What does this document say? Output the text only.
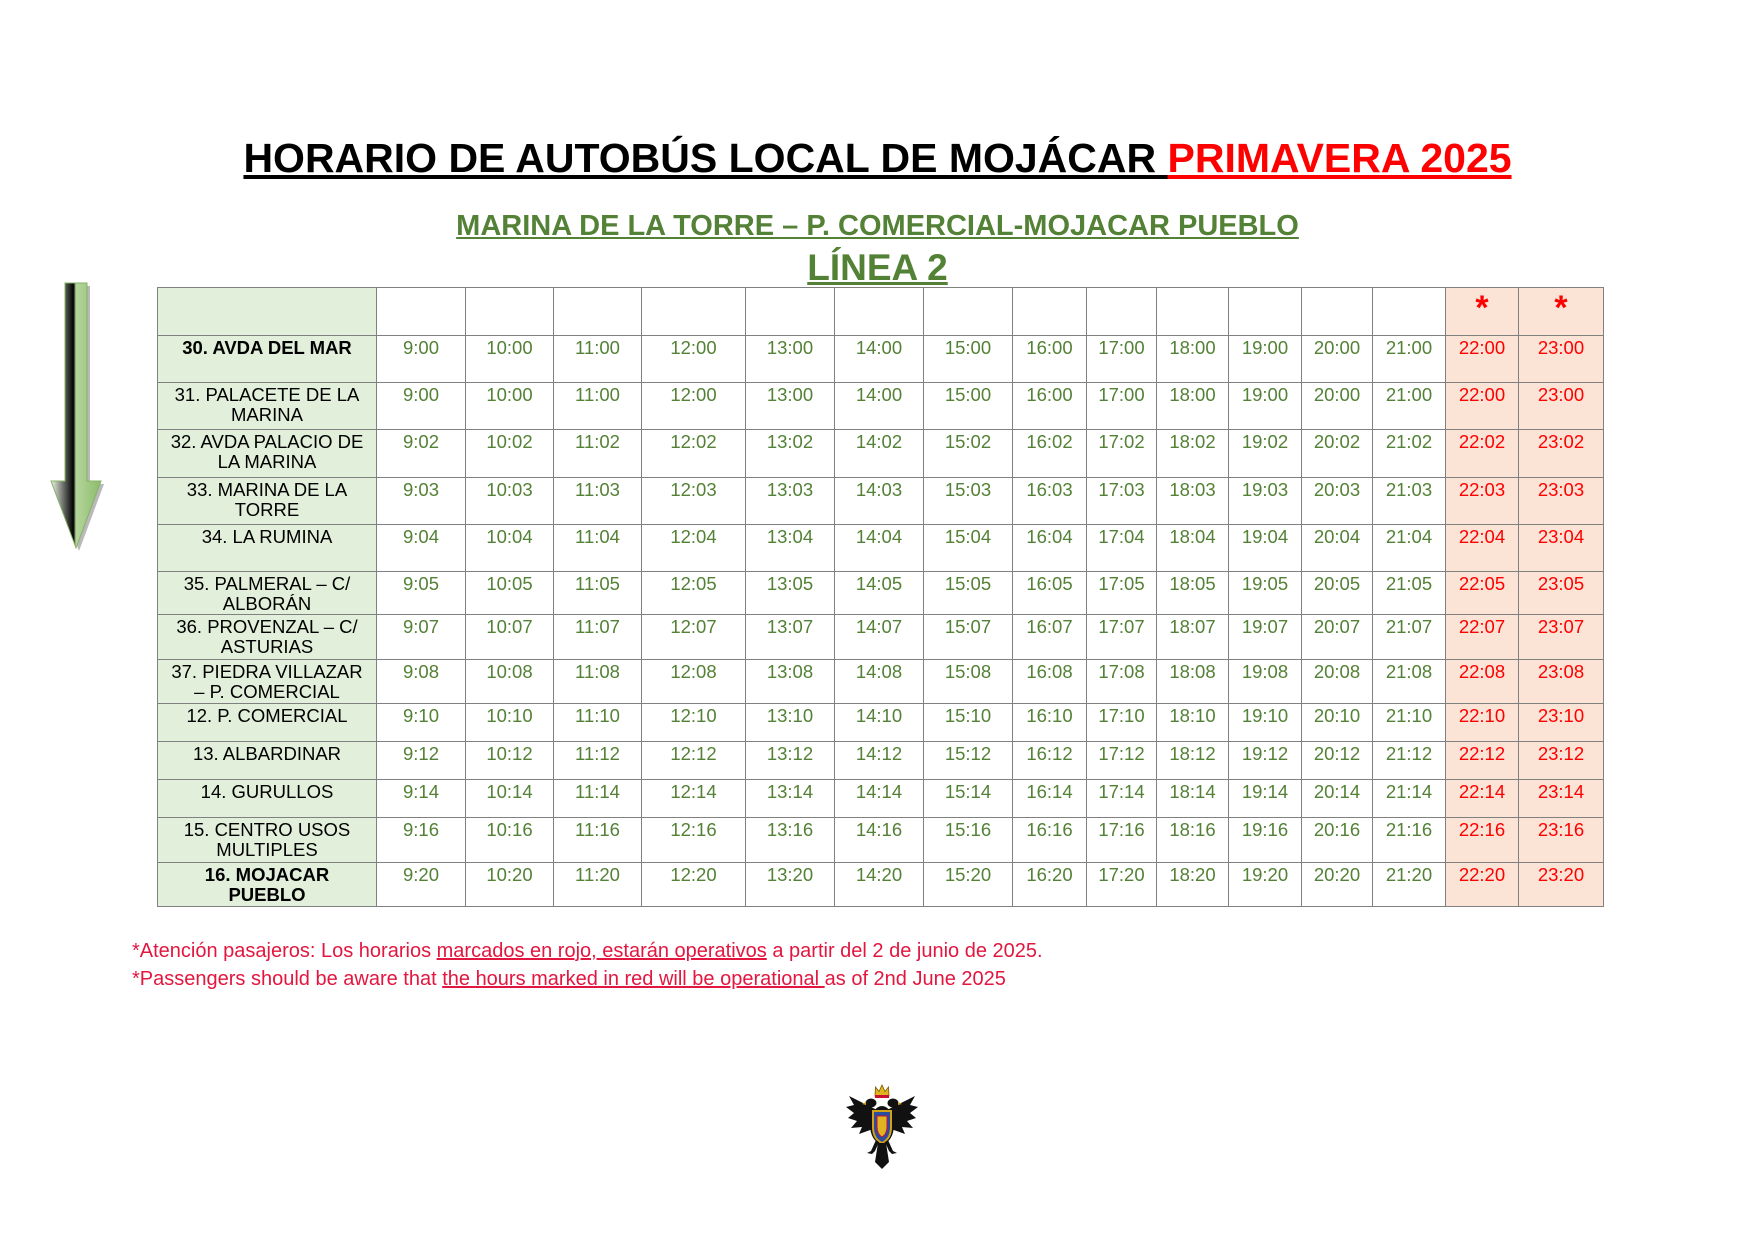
HORARIO DE AUTOBÚS LOCAL DE MOJÁCAR PRIMAVERA 2025
MARINA DE LA TORRE – P. COMERCIAL-MOJACAR PUEBLO
LÍNEA 2
														*	*
30. AVDA DEL MAR	9:00	10:00	11:00	12:00	13:00	14:00	15:00	16:00	17:00	18:00	19:00	20:00	21:00	22:00	23:00
31. PALACETE DE LA MARINA	9:00	10:00	11:00	12:00	13:00	14:00	15:00	16:00	17:00	18:00	19:00	20:00	21:00	22:00	23:00
32. AVDA PALACIO DE LA MARINA	9:02	10:02	11:02	12:02	13:02	14:02	15:02	16:02	17:02	18:02	19:02	20:02	21:02	22:02	23:02
33. MARINA DE LA TORRE	9:03	10:03	11:03	12:03	13:03	14:03	15:03	16:03	17:03	18:03	19:03	20:03	21:03	22:03	23:03
34. LA RUMINA	9:04	10:04	11:04	12:04	13:04	14:04	15:04	16:04	17:04	18:04	19:04	20:04	21:04	22:04	23:04
35. PALMERAL – C/ ALBORÁN	9:05	10:05	11:05	12:05	13:05	14:05	15:05	16:05	17:05	18:05	19:05	20:05	21:05	22:05	23:05
36. PROVENZAL – C/ ASTURIAS	9:07	10:07	11:07	12:07	13:07	14:07	15:07	16:07	17:07	18:07	19:07	20:07	21:07	22:07	23:07
37. PIEDRA VILLAZAR – P. COMERCIAL	9:08	10:08	11:08	12:08	13:08	14:08	15:08	16:08	17:08	18:08	19:08	20:08	21:08	22:08	23:08
12. P. COMERCIAL	9:10	10:10	11:10	12:10	13:10	14:10	15:10	16:10	17:10	18:10	19:10	20:10	21:10	22:10	23:10
13. ALBARDINAR	9:12	10:12	11:12	12:12	13:12	14:12	15:12	16:12	17:12	18:12	19:12	20:12	21:12	22:12	23:12
14. GURULLOS	9:14	10:14	11:14	12:14	13:14	14:14	15:14	16:14	17:14	18:14	19:14	20:14	21:14	22:14	23:14
15. CENTRO USOS MULTIPLES	9:16	10:16	11:16	12:16	13:16	14:16	15:16	16:16	17:16	18:16	19:16	20:16	21:16	22:16	23:16
16. MOJACAR PUEBLO	9:20	10:20	11:20	12:20	13:20	14:20	15:20	16:20	17:20	18:20	19:20	20:20	21:20	22:20	23:20
*Atención pasajeros: Los horarios marcados en rojo, estarán operativos a partir del 2 de junio de 2025.
*Passengers should be aware that the hours marked in red will be operational as of 2nd June 2025
